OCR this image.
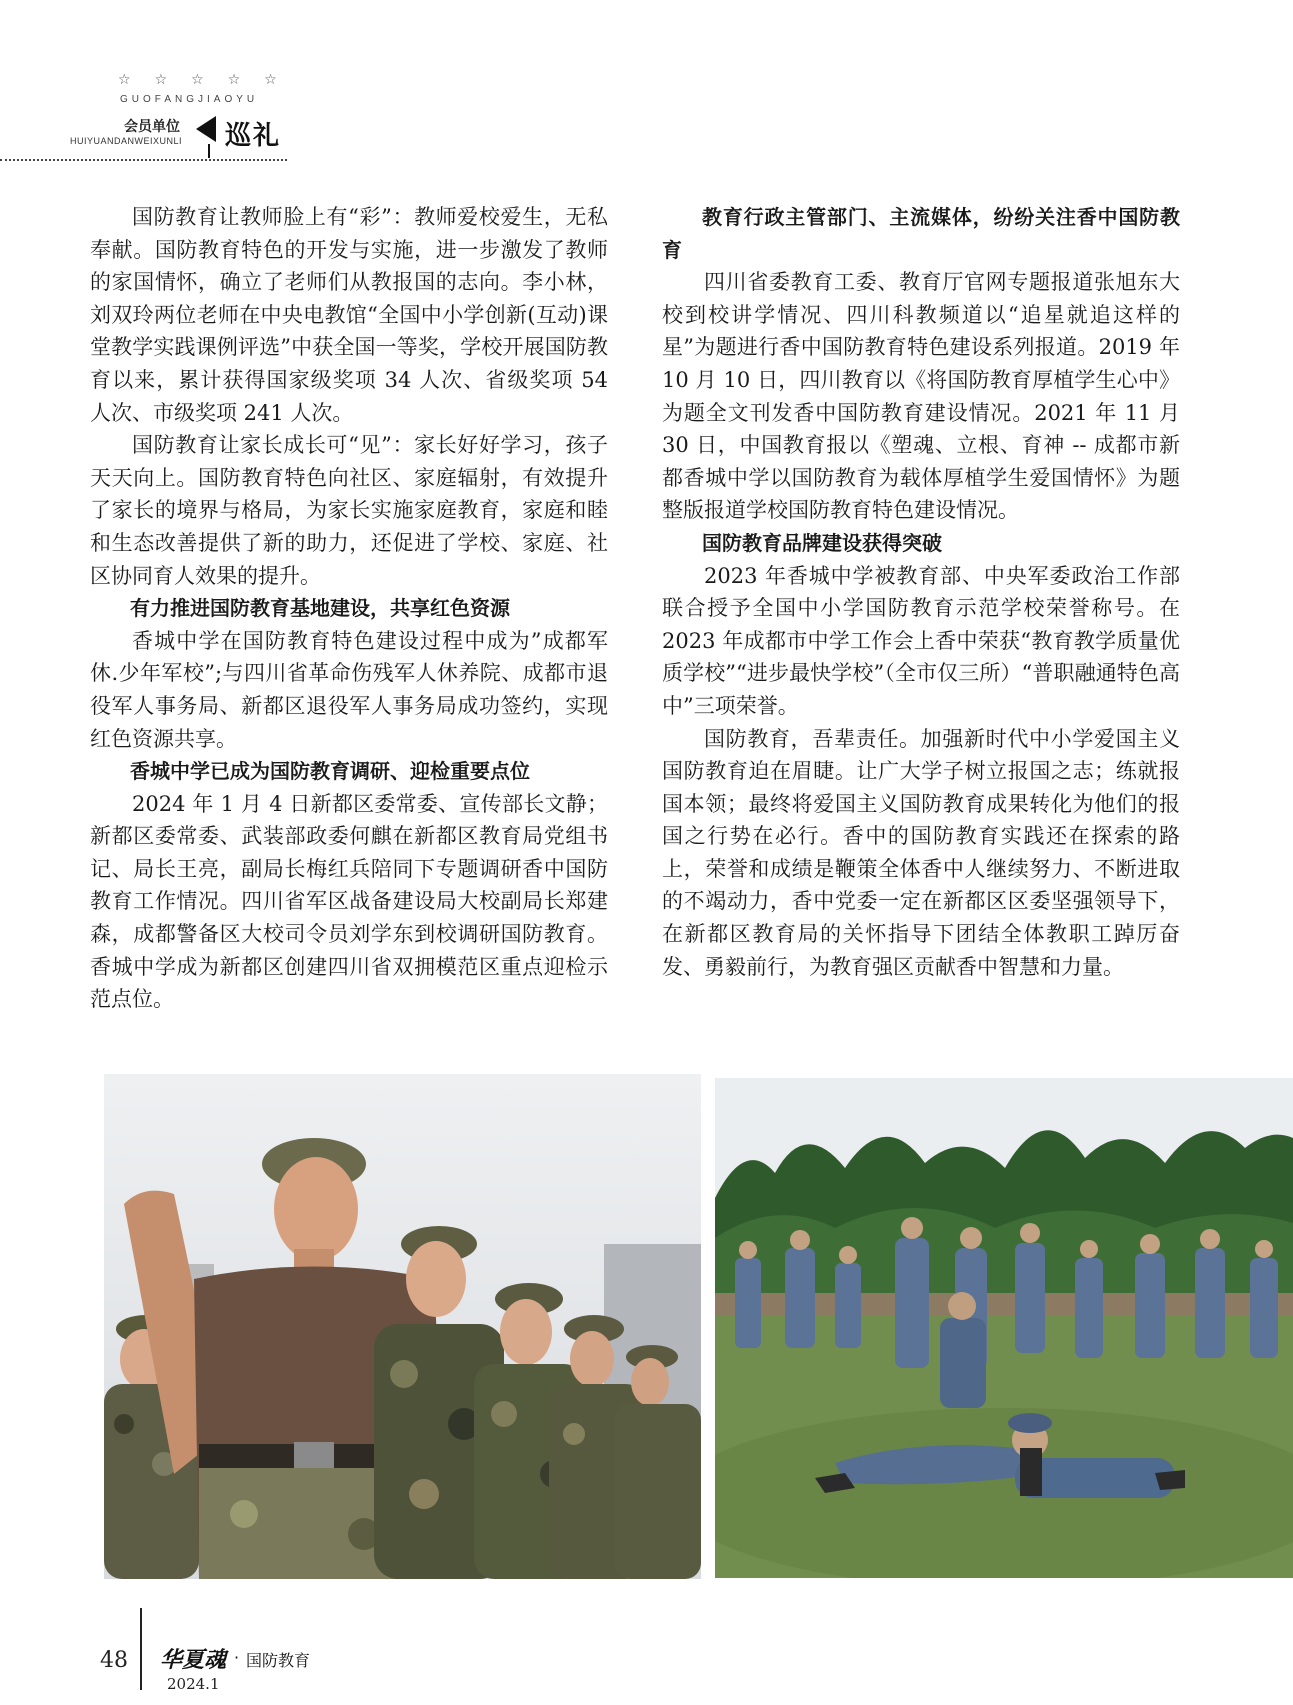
☆ ☆ ☆ ☆ ☆
GUOFANGJIAOYU
会员单位
HUIYUANDANWEIXUNLI 巡礼

国防教育让教师脸上有“彩”：教师爱校爱生，无私奉献。国防教育特色的开发与实施，进一步激发了教师的家国情怀，确立了老师们从教报国的志向。李小林，刘双玲两位老师在中央电教馆“全国中小学创新(互动)课堂教学实践课例评选”中获全国一等奖，学校开展国防教育以来，累计获得国家级奖项 34 人次、省级奖项 54 人次、市级奖项 241 人次。

国防教育让家长成长可“见”：家长好好学习，孩子天天向上。国防教育特色向社区、家庭辐射，有效提升了家长的境界与格局，为家长实施家庭教育，家庭和睦和生态改善提供了新的助力，还促进了学校、家庭、社区协同育人效果的提升。

有力推进国防教育基地建设，共享红色资源

香城中学在国防教育特色建设过程中成为”成都军休.少年军校”;与四川省革命伤残军人休养院、成都市退役军人事务局、新都区退役军人事务局成功签约，实现红色资源共享。

香城中学已成为国防教育调研、迎检重要点位

2024 年 1 月 4 日新都区委常委、宣传部长文静；新都区委常委、武装部政委何麒在新都区教育局党组书记、局长王亮，副局长梅红兵陪同下专题调研香中国防教育工作情况。四川省军区战备建设局大校副局长郑建森，成都警备区大校司令员刘学东到校调研国防教育。香城中学成为新都区创建四川省双拥模范区重点迎检示范点位。

教育行政主管部门、主流媒体，纷纷关注香中国防教育

四川省委教育工委、教育厅官网专题报道张旭东大校到校讲学情况、四川科教频道以“追星就追这样的星”为题进行香中国防教育特色建设系列报道。2019 年 10 月 10 日，四川教育以《将国防教育厚植学生心中》为题全文刊发香中国防教育建设情况。2021 年 11 月 30 日，中国教育报以《塑魂、立根、育神 -- 成都市新都香城中学以国防教育为载体厚植学生爱国情怀》为题整版报道学校国防教育特色建设情况。

国防教育品牌建设获得突破

2023 年香城中学被教育部、中央军委政治工作部联合授予全国中小学国防教育示范学校荣誉称号。在 2023 年成都市中学工作会上香中荣获“教育教学质量优质学校”“进步最快学校”（全市仅三所）“普职融通特色高中”三项荣誉。

国防教育，吾辈责任。加强新时代中小学爱国主义国防教育迫在眉睫。让广大学子树立报国之志；练就报国本领；最终将爱国主义国防教育成果转化为他们的报国之行势在必行。香中的国防教育实践还在探索的路上，荣誉和成绩是鞭策全体香中人继续努力、不断进取的不竭动力，香中党委一定在新都区区委坚强领导下，在新都区教育局的关怀指导下团结全体教职工踔厉奋发、勇毅前行，为教育强区贡献香中智慧和力量。

48 华夏魂 · 国防教育
2024.1
